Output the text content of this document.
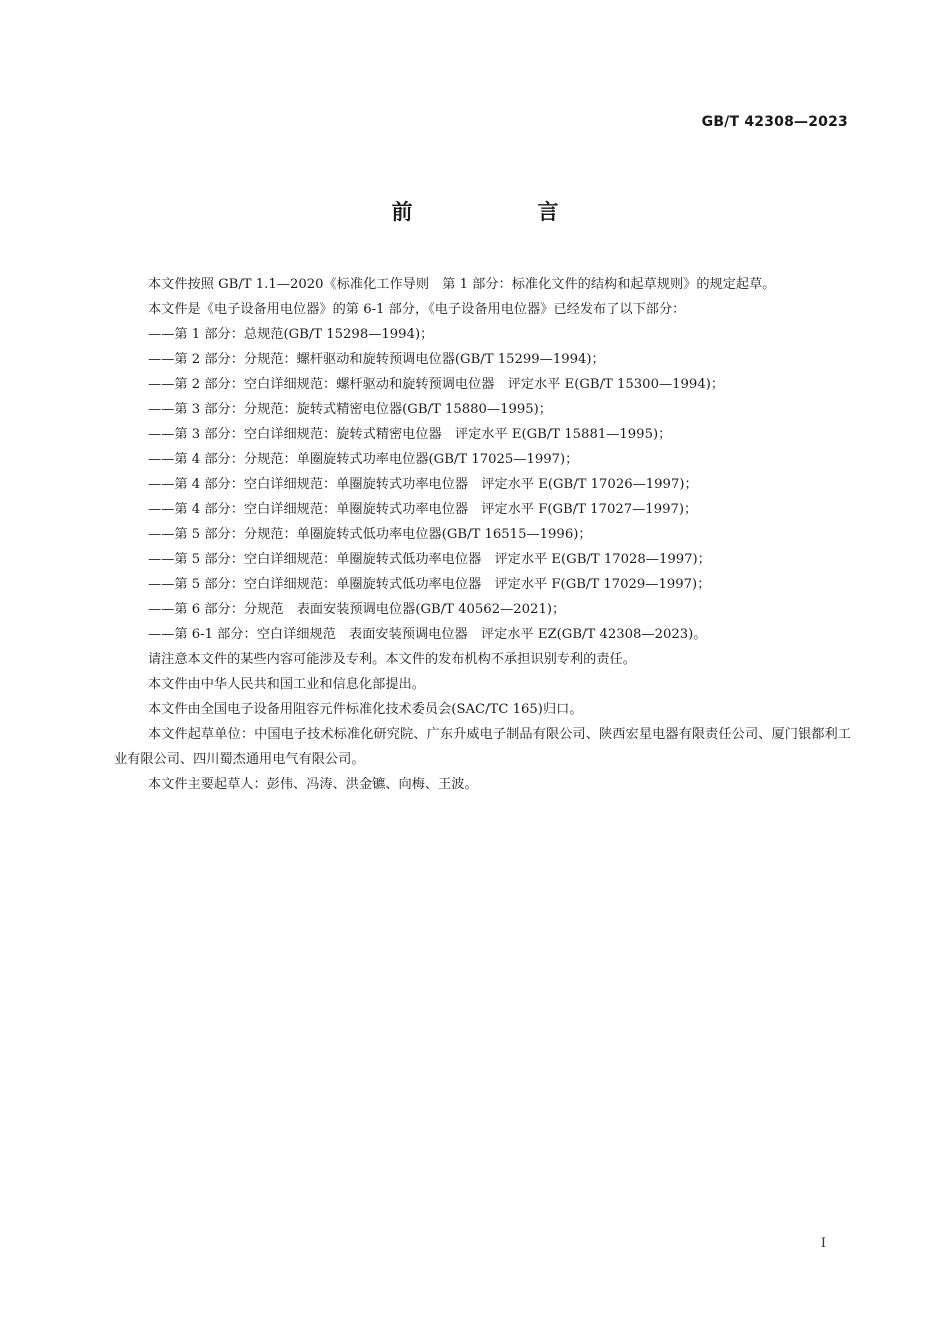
GB/T 42308—2023
前　言

本文件按照 GB/T 1.1—2020《标准化工作导则　第 1 部分：标准化文件的结构和起草规则》的规定起草。

本文件是《电子设备用电位器》的第 6-1 部分，《电子设备用电位器》已经发布了以下部分：

——第 1 部分：总规范(GB/T 15298—1994)；

——第 2 部分：分规范：螺杆驱动和旋转预调电位器(GB/T 15299—1994)；

——第 2 部分：空白详细规范：螺杆驱动和旋转预调电位器　评定水平 E(GB/T 15300—1994)；

——第 3 部分：分规范：旋转式精密电位器(GB/T 15880—1995)；

——第 3 部分：空白详细规范：旋转式精密电位器　评定水平 E(GB/T 15881—1995)；

——第 4 部分：分规范：单圈旋转式功率电位器(GB/T 17025—1997)；

——第 4 部分：空白详细规范：单圈旋转式功率电位器　评定水平 E(GB/T 17026—1997)；

——第 4 部分：空白详细规范：单圈旋转式功率电位器　评定水平 F(GB/T 17027—1997)；

——第 5 部分：分规范：单圈旋转式低功率电位器(GB/T 16515—1996)；

——第 5 部分：空白详细规范：单圈旋转式低功率电位器　评定水平 E(GB/T 17028—1997)；

——第 5 部分：空白详细规范：单圈旋转式低功率电位器　评定水平 F(GB/T 17029—1997)；

——第 6 部分：分规范　表面安装预调电位器(GB/T 40562—2021)；

——第 6-1 部分：空白详细规范　表面安装预调电位器　评定水平 EZ(GB/T 42308—2023)。

请注意本文件的某些内容可能涉及专利。本文件的发布机构不承担识别专利的责任。

本文件由中华人民共和国工业和信息化部提出。

本文件由全国电子设备用阻容元件标准化技术委员会(SAC/TC 165)归口。

本文件起草单位：中国电子技术标准化研究院、广东升威电子制品有限公司、陕西宏星电器有限责任公司、厦门银都利工业有限公司、四川蜀杰通用电气有限公司。

本文件主要起草人：彭伟、冯涛、洪金镳、向梅、王波。

I
